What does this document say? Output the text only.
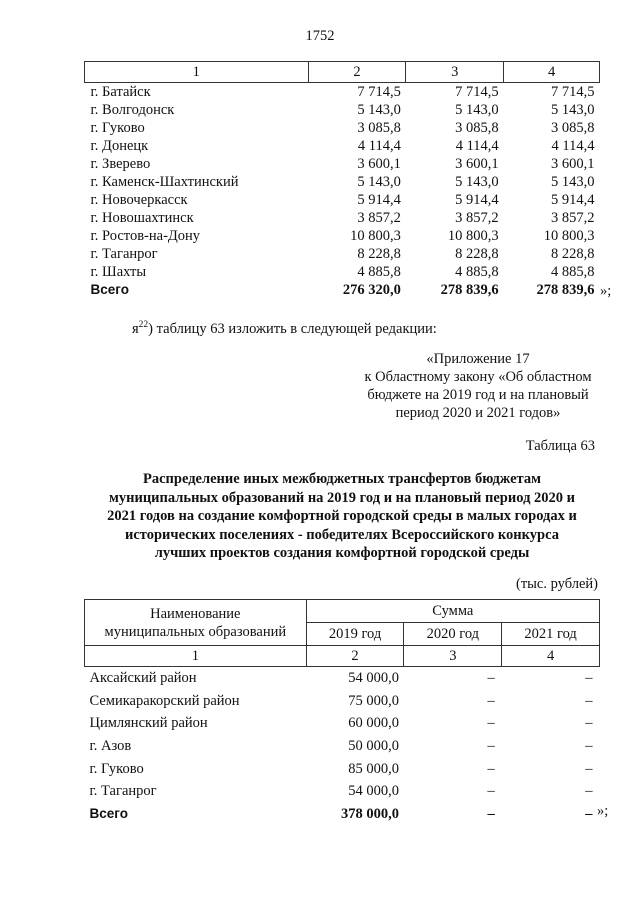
1752
1	2	3	4
г. Батайск	7 714,5	7 714,5	7 714,5
г. Волгодонск	5 143,0	5 143,0	5 143,0
г. Гуково	3 085,8	3 085,8	3 085,8
г. Донецк	4 114,4	4 114,4	4 114,4
г. Зверево	3 600,1	3 600,1	3 600,1
г. Каменск-Шахтинский	5 143,0	5 143,0	5 143,0
г. Новочеркасск	5 914,4	5 914,4	5 914,4
г. Новошахтинск	3 857,2	3 857,2	3 857,2
г. Ростов-на-Дону	10 800,3	10 800,3	10 800,3
г. Таганрог	8 228,8	8 228,8	8 228,8
г. Шахты	4 885,8	4 885,8	4 885,8
Всего	276 320,0	278 839,6	278 839,6 »;
$я^{22}$) таблицу 63 изложить в следующей редакции:
«Приложение 17
к Областному закону «Об областном
бюджете на 2019 год и на плановый
период 2020 и 2021 годов»
Таблица 63
Распределение иных межбюджетных трансфертов бюджетам
муниципальных образований на 2019 год и на плановый период 2020 и
2021 годов на создание комфортной городской среды в малых городах и
исторических поселениях - победителях Всероссийского конкурса
лучших проектов создания комфортной городской среды
(тыс. рублей)
Наименование
муниципальных образований	Сумма		
	2019 год	2020 год	2021 год
1	2	3	4
Аксайский район	54 000,0	–	–
Семикаракорский район	75 000,0	–	–
Цимлянский район	60 000,0	–	–
г. Азов	50 000,0	–	–
г. Гуково	85 000,0	–	–
г. Таганрог	54 000,0	–	–
Всего	378 000,0	–	– »;
